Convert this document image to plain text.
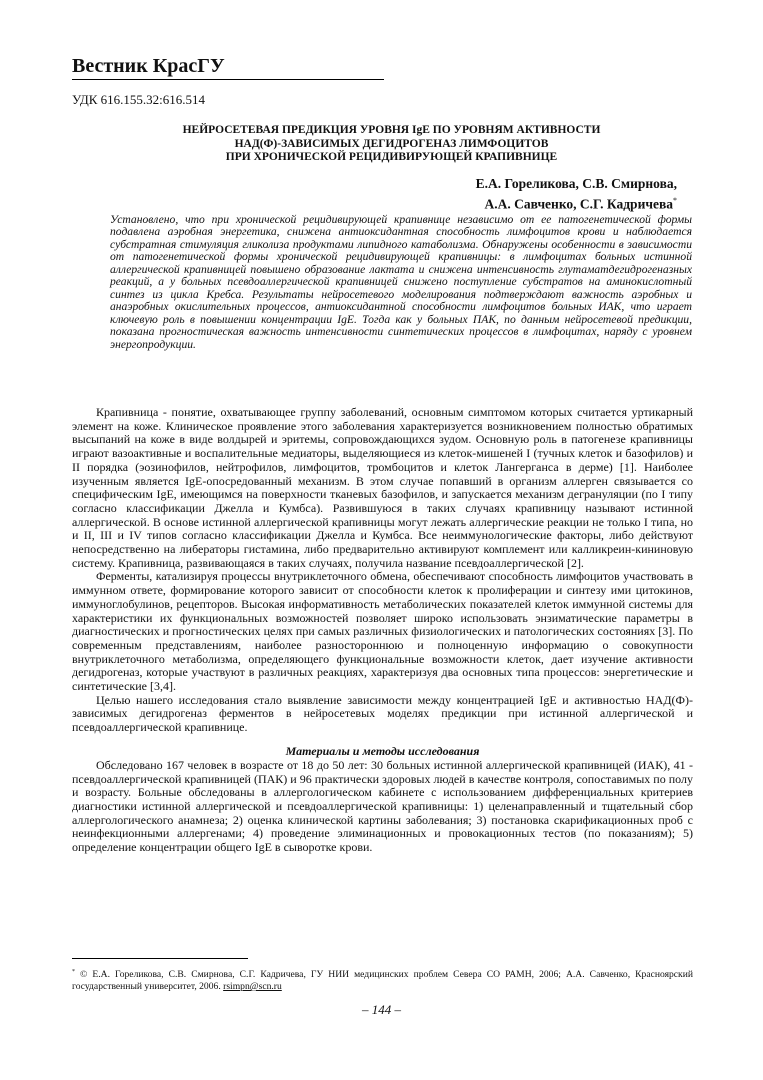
Вестник КрасГУ
УДК 616.155.32:616.514
НЕЙРОСЕТЕВАЯ ПРЕДИКЦИЯ УРОВНЯ IgE ПО УРОВНЯМ АКТИВНОСТИ
НАД(Ф)-ЗАВИСИМЫХ ДЕГИДРОГЕНАЗ ЛИМФОЦИТОВ
ПРИ ХРОНИЧЕСКОЙ РЕЦИДИВИРУЮЩЕЙ КРАПИВНИЦЕ
Е.А. Гореликова, С.В. Смирнова,
А.А. Савченко, С.Г. Кадричева*
Установлено, что при хронической рецидивирующей крапивнице независимо от ее патогенетической формы подавлена аэробная энергетика, снижена антиоксидантная способность лимфоцитов крови и наблюдается субстратная стимуляция гликолиза продуктами липидного катаболизма. Обнаружены особенности в зависимости от патогенетической формы хронической рецидивирующей крапивницы: в лимфоцитах больных истинной аллергической крапивницей повышено образование лактата и снижена интенсивность глутаматдегидрогеназных реакций, а у больных псевдоаллергической крапивницей снижено поступление субстратов на аминокислотный синтез из цикла Кребса. Результаты нейросетевого моделирования подтверждают важность аэробных и анаэробных окислительных процессов, антиоксидантной способности лимфоцитов больных ИАК, что играет ключевую роль в повышении концентрации IgE. Тогда как у больных ПАК, по данным нейросетевой предикции, показана прогностическая важность интенсивности синтетических процессов в лимфоцитах, наряду с уровнем энергопродукции.

Крапивница - понятие, охватывающее группу заболеваний, основным симптомом которых считается уртикарный элемент на коже. Клиническое проявление этого заболевания характеризуется возникновением полностью обратимых высыпаний на коже в виде волдырей и эритемы, сопровождающихся зудом. Основную роль в патогенезе крапивницы играют вазоактивные и воспалительные медиаторы, выделяющиеся из клеток-мишеней I (тучных клеток и базофилов) и II порядка (эозинофилов, нейтрофилов, лимфоцитов, тромбоцитов и клеток Лангерганса в дерме) [1]. Наиболее изученным является IgE-опосредованный механизм. В этом случае попавший в организм аллерген связывается со специфическим IgE, имеющимся на поверхности тканевых базофилов, и запускается механизм дегрануляции (по I типу согласно классификации Джелла и Кумбса). Развившуюся в таких случаях крапивницу называют истинной аллергической. В основе истинной аллергической крапивницы могут лежать аллергические реакции не только I типа, но и II, III и IV типов согласно классификации Джелла и Кумбса. Все неиммунологические факторы, либо действуют непосредственно на либераторы гистамина, либо предварительно активируют комплемент или калликреин-кининовую систему. Крапивница, развивающаяся в таких случаях, получила название псевдоаллергической [2].

Ферменты, катализируя процессы внутриклеточного обмена, обеспечивают способность лимфоцитов участвовать в иммунном ответе, формирование которого зависит от способности клеток к пролиферации и синтезу ими цитокинов, иммуноглобулинов, рецепторов. Высокая информативность метаболических показателей клеток иммунной системы для характеристики их функциональных возможностей позволяет широко использовать энзиматические параметры в диагностических и прогностических целях при самых различных физиологических и патологических состояниях [3]. По современным представлениям, наиболее разностороннюю и полноценную информацию о совокупности внутриклеточного метаболизма, определяющего функциональные возможности клеток, дает изучение активности дегидрогеназ, которые участвуют в различных реакциях, характеризуя два основных типа процессов: энергетические и синтетические [3,4].

Целью нашего исследования стало выявление зависимости между концентрацией IgE и активностью НАД(Ф)-зависимых дегидрогеназ ферментов в нейросетевых моделях предикции при истинной аллергической и псевдоаллергической крапивнице.

Материалы и методы исследования

Обследовано 167 человек в возрасте от 18 до 50 лет: 30 больных истинной аллергической крапивницей (ИАК), 41 - псевдоаллергической крапивницей (ПАК) и 96 практически здоровых людей в качестве контроля, сопоставимых по полу и возрасту. Больные обследованы в аллергологическом кабинете с использованием дифференциальных критериев диагностики истинной аллергической и псевдоаллергической крапивницы: 1) целенаправленный и тщательный сбор аллергологического анамнеза; 2) оценка клинической картины заболевания; 3) постановка скарификационных проб с неинфекционными аллергенами; 4) проведение элиминационных и провокационных тестов (по показаниям); 5) определение концентрации общего IgE в сыворотке крови.

* © Е.А. Гореликова, С.В. Смирнова, С.Г. Кадричева, ГУ НИИ медицинских проблем Севера СО РАМН, 2006; А.А. Савченко, Красноярский государственный университет, 2006. rsimpn@scn.ru
– 144 –
